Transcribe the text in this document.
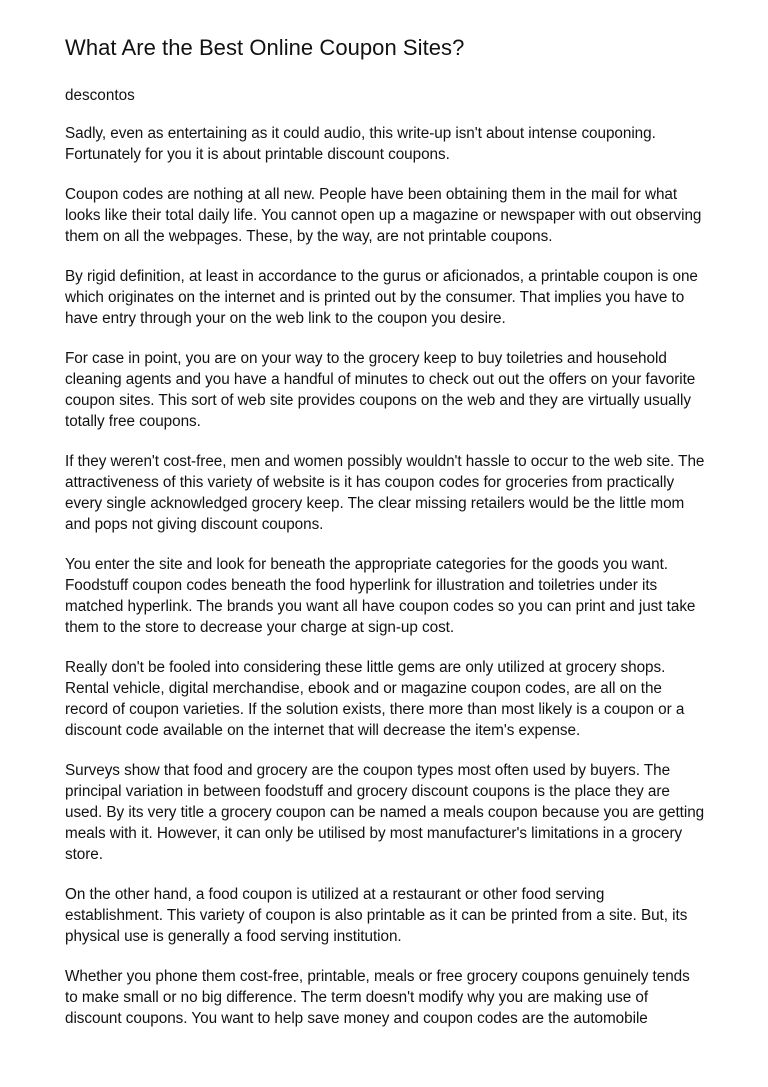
What Are the Best Online Coupon Sites?
descontos

Sadly, even as entertaining as it could audio, this write-up isn't about intense couponing. Fortunately for you it is about printable discount coupons.

Coupon codes are nothing at all new. People have been obtaining them in the mail for what looks like their total daily life. You cannot open up a magazine or newspaper with out observing them on all the webpages. These, by the way, are not printable coupons.

By rigid definition, at least in accordance to the gurus or aficionados, a printable coupon is one which originates on the internet and is printed out by the consumer. That implies you have to have entry through your on the web link to the coupon you desire.

For case in point, you are on your way to the grocery keep to buy toiletries and household cleaning agents and you have a handful of minutes to check out out the offers on your favorite coupon sites. This sort of web site provides coupons on the web and they are virtually usually totally free coupons.

If they weren't cost-free, men and women possibly wouldn't hassle to occur to the web site. The attractiveness of this variety of website is it has coupon codes for groceries from practically every single acknowledged grocery keep. The clear missing retailers would be the little mom and pops not giving discount coupons.

You enter the site and look for beneath the appropriate categories for the goods you want. Foodstuff coupon codes beneath the food hyperlink for illustration and toiletries under its matched hyperlink. The brands you want all have coupon codes so you can print and just take them to the store to decrease your charge at sign-up cost.

Really don't be fooled into considering these little gems are only utilized at grocery shops. Rental vehicle, digital merchandise, ebook and or magazine coupon codes, are all on the record of coupon varieties. If the solution exists, there more than most likely is a coupon or a discount code available on the internet that will decrease the item's expense.

Surveys show that food and grocery are the coupon types most often used by buyers. The principal variation in between foodstuff and grocery discount coupons is the place they are used. By its very title a grocery coupon can be named a meals coupon because you are getting meals with it. However, it can only be utilised by most manufacturer's limitations in a grocery store.

On the other hand, a food coupon is utilized at a restaurant or other food serving establishment. This variety of coupon is also printable as it can be printed from a site. But, its physical use is generally a food serving institution.

Whether you phone them cost-free, printable, meals or free grocery coupons genuinely tends to make small or no big difference. The term doesn't modify why you are making use of discount coupons. You want to help save money and coupon codes are the automobile
